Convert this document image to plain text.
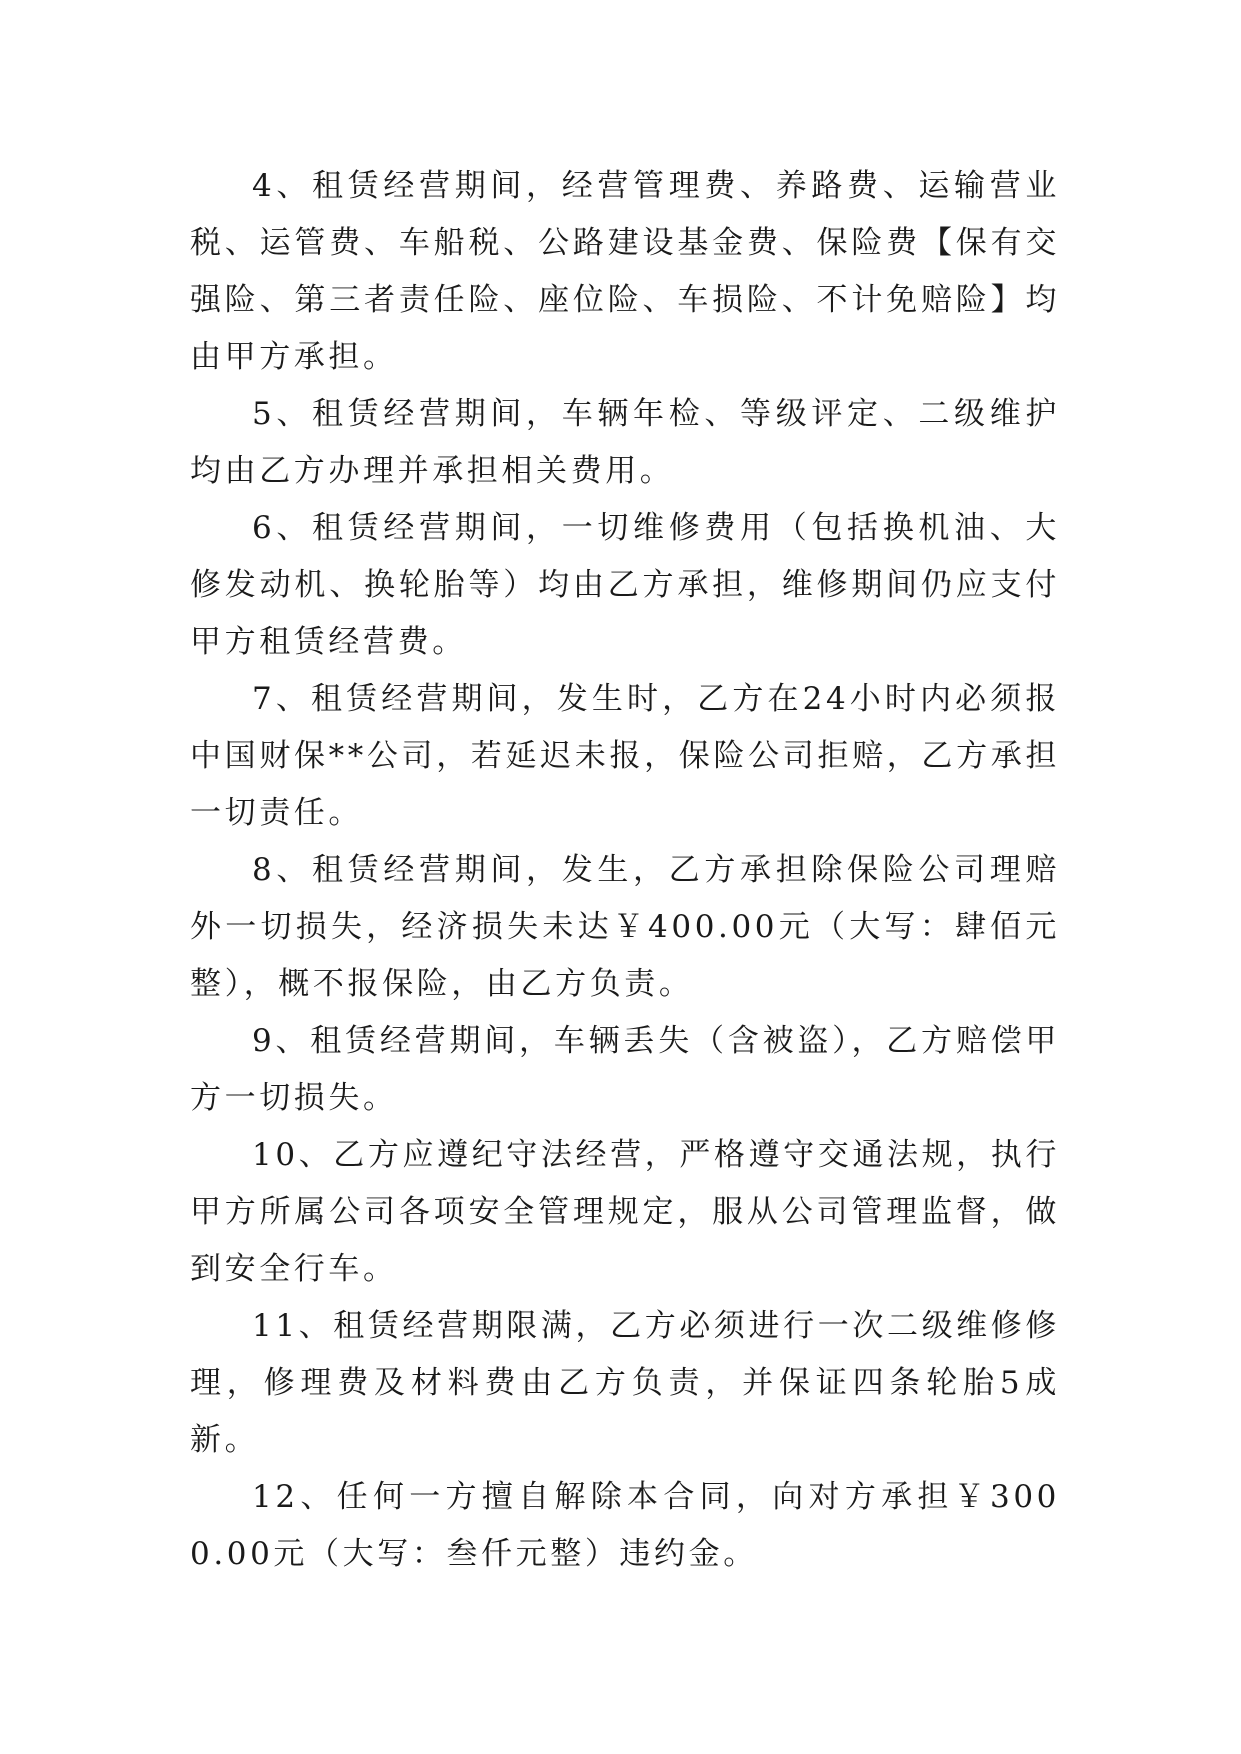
4、租赁经营期间，经营管理费、养路费、运输营业税、运管费、车船税、公路建设基金费、保险费【保有交强险、第三者责任险、座位险、车损险、不计免赔险】均由甲方承担。

5、租赁经营期间，车辆年检、等级评定、二级维护均由乙方办理并承担相关费用。

6、租赁经营期间，一切维修费用（包括换机油、大修发动机、换轮胎等）均由乙方承担，维修期间仍应支付甲方租赁经营费。

7、租赁经营期间，发生时，乙方在24小时内必须报中国财保**公司，若延迟未报，保险公司拒赔，乙方承担一切责任。

8、租赁经营期间，发生，乙方承担除保险公司理赔外一切损失，经济损失未达￥400.00元（大写：肆佰元整），概不报保险，由乙方负责。

9、租赁经营期间，车辆丢失（含被盗），乙方赔偿甲方一切损失。

10、乙方应遵纪守法经营，严格遵守交通法规，执行甲方所属公司各项安全管理规定，服从公司管理监督，做到安全行车。

11、租赁经营期限满，乙方必须进行一次二级维修修理，修理费及材料费由乙方负责，并保证四条轮胎5成新。

12、任何一方擅自解除本合同，向对方承担￥3000.00元（大写：叁仟元整）违约金。
